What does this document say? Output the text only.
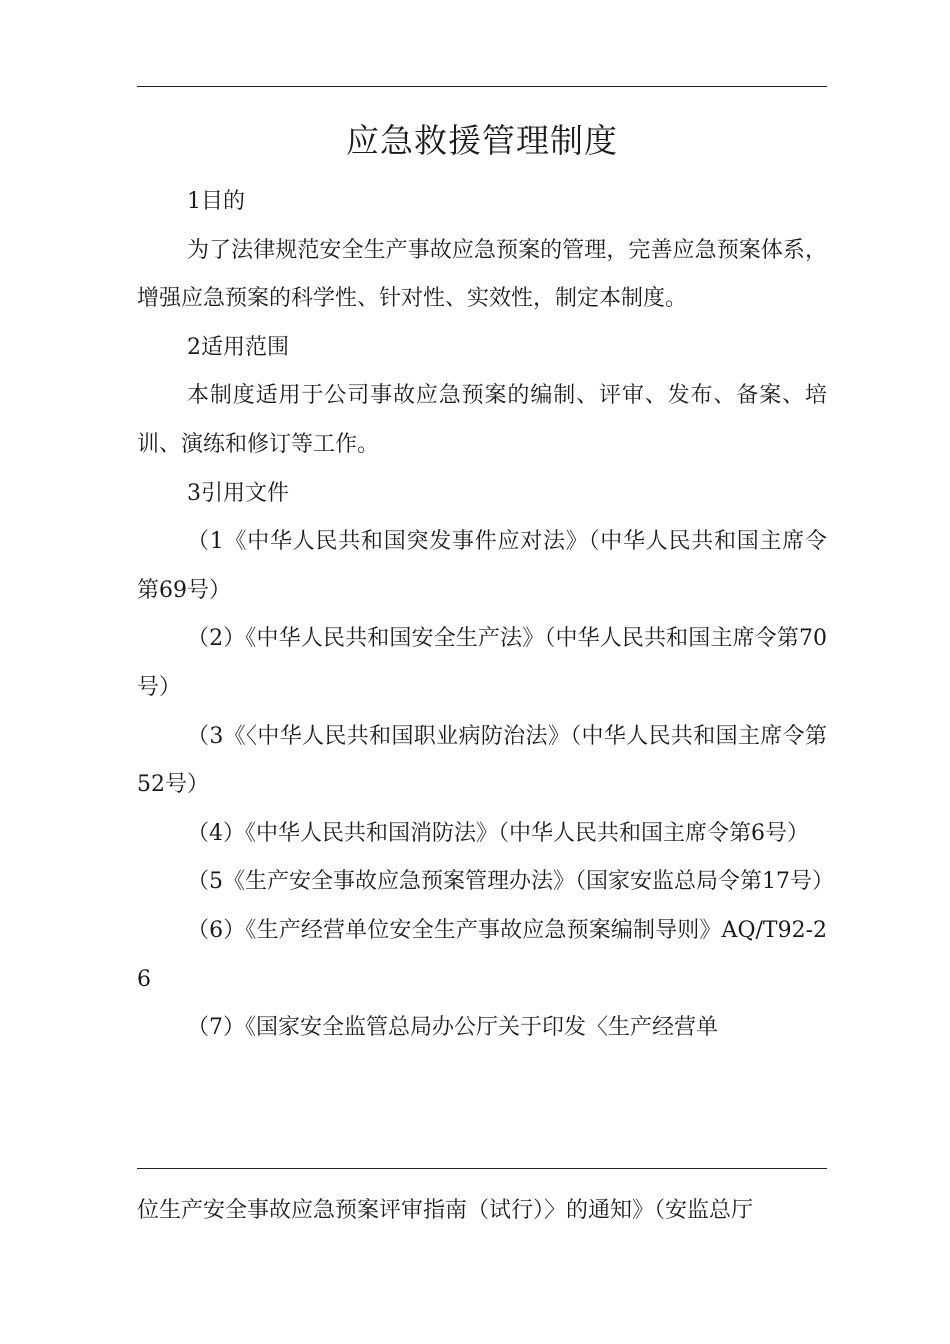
应急救援管理制度

1目的

为了法律规范安全生产事故应急预案的管理，完善应急预案体系，增强应急预案的科学性、针对性、实效性，制定本制度。

2适用范围

本制度适用于公司事故应急预案的编制、评审、发布、备案、培训、演练和修订等工作。

3引用文件

（1《中华人民共和国突发事件应对法》（中华人民共和国主席令第69号）

（2）《中华人民共和国安全生产法》（中华人民共和国主席令第70号）

（3《〈中华人民共和国职业病防治法》（中华人民共和国主席令第52号）

（4）《中华人民共和国消防法》（中华人民共和国主席令第6号）

（5《生产安全事故应急预案管理办法》（国家安监总局令第17号）

（6）《生产经营单位安全生产事故应急预案编制导则》AQ/T92-26

（7）《国家安全监管总局办公厅关于印发〈生产经营单

位生产安全事故应急预案评审指南（试行）〉的通知》（安监总厅
